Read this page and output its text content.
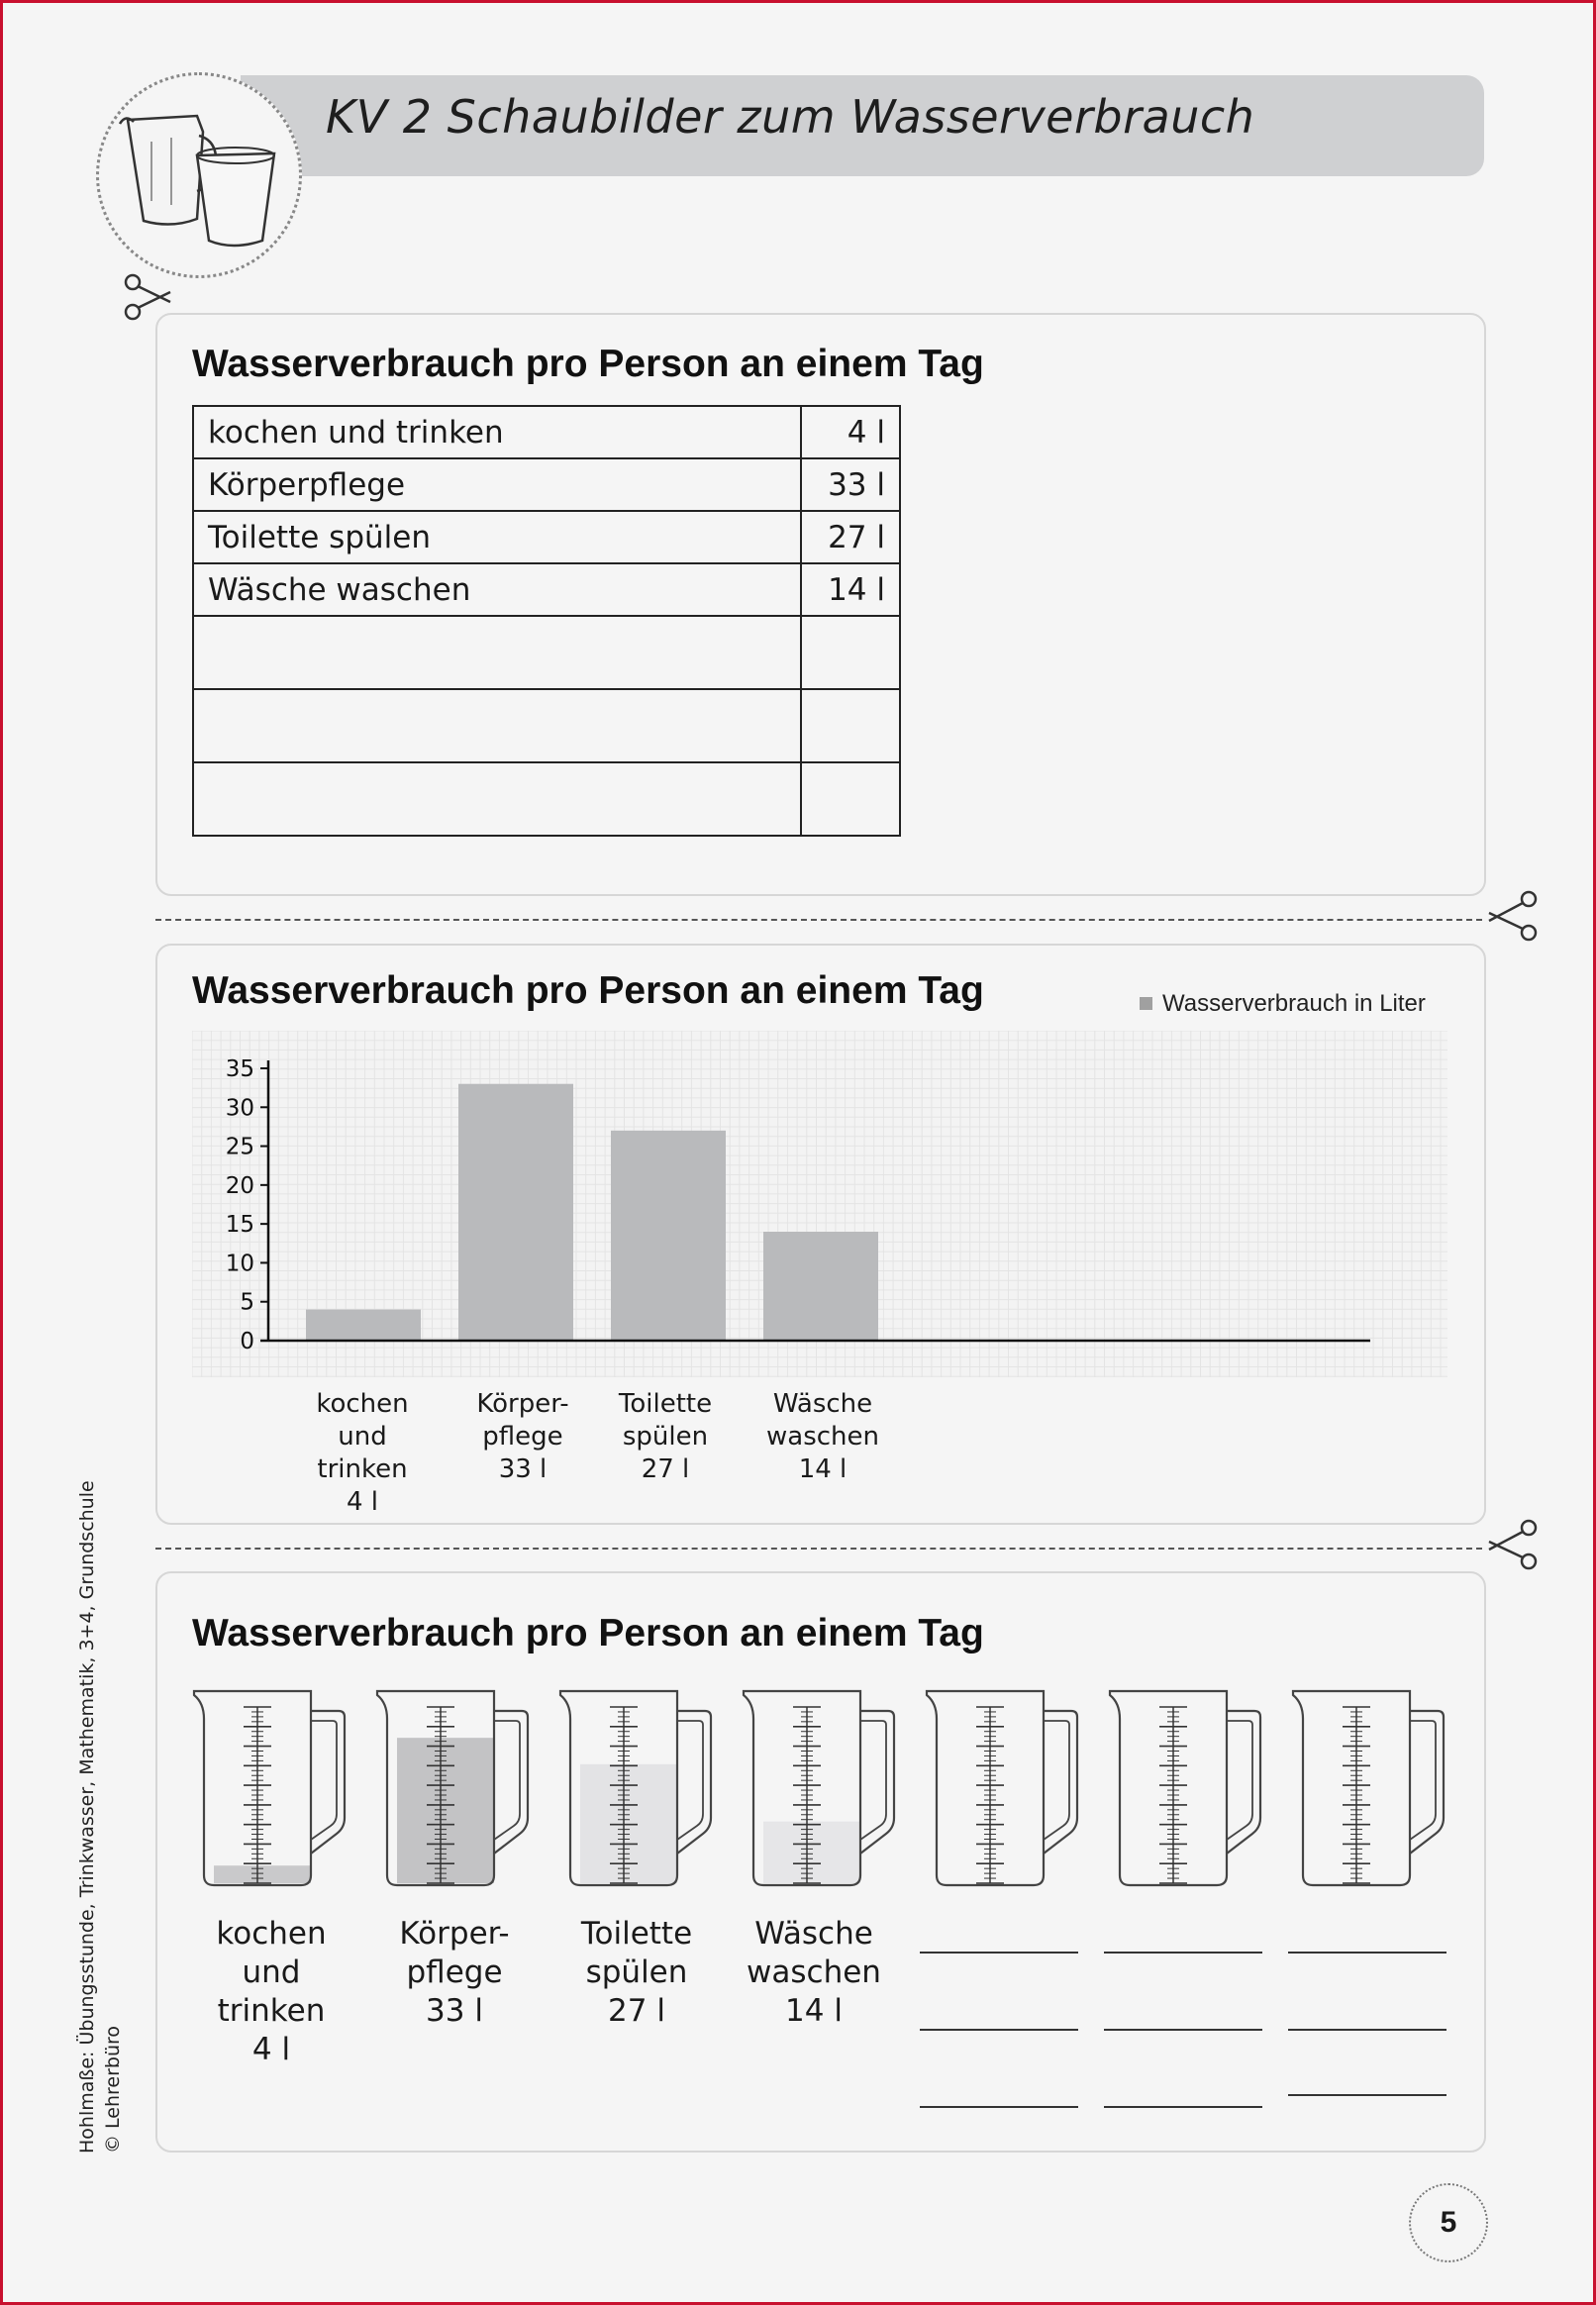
KV 2 Schaubilder zum Wasserverbrauch
Wasserverbrauch pro Person an einem Tag
kochen und trinken	4 l
Körperpflege	33 l
Toilette spülen	27 l
Wäsche waschen	14 l

Wasserverbrauch pro Person an einem Tag	Wasserverbrauch in Liter
0
5
10
15
20
25
30
35
kochen und
trinken
4 l
Körper-
pflege
33 l
Toilette
spülen
27 l
Wäsche
waschen
14 l
Wasserverbrauch pro Person an einem Tag
kochen
und
trinken
4 l
Körper-
pflege
33 l
Toilette
spülen
27 l
Wäsche
waschen
14 l
Hohlmaße: Übungsstunde, Trinkwasser, Mathematik, 3+4, Grundschule © Lehrerbüro
5
